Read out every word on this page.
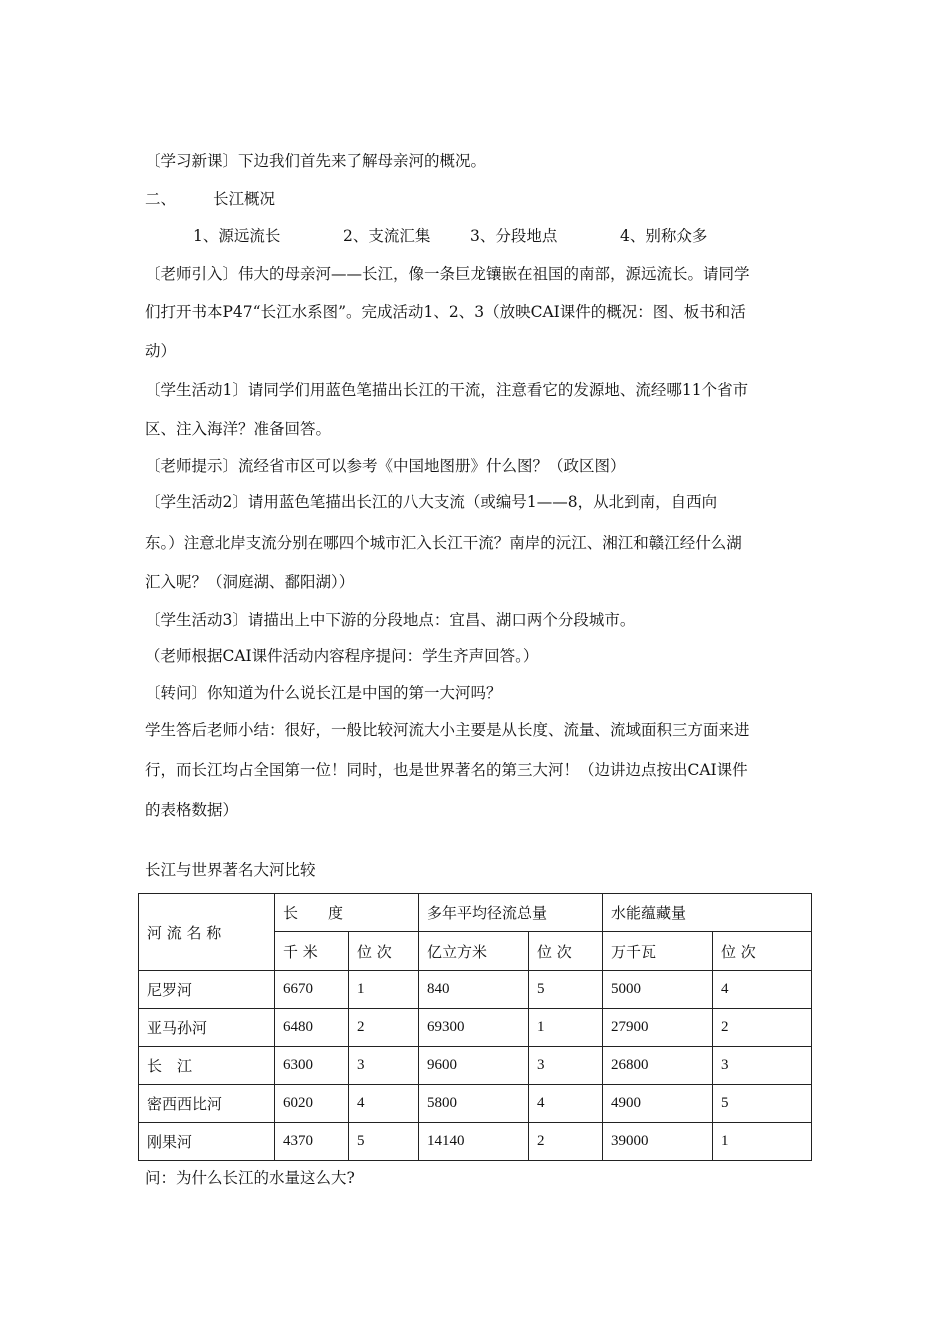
〔学习新课〕下边我们首先来了解母亲河的概况。
二、 长江概况
1、源远流长	2、支流汇集	3、分段地点	4、别称众多
〔老师引入〕伟大的母亲河——长江，像一条巨龙镶嵌在祖国的南部，源远流长。请同学
们打开书本P47“长江水系图”。完成活动1、2、3（放映CAI课件的概况：图、板书和活
动）
〔学生活动1〕请同学们用蓝色笔描出长江的干流，注意看它的发源地、流经哪11个省市
区、注入海洋？准备回答。
〔老师提示〕流经省市区可以参考《中国地图册》什么图？（政区图）
〔学生活动2〕请用蓝色笔描出长江的八大支流（或编号1——8，从北到南，自西向
东。）注意北岸支流分别在哪四个城市汇入长江干流？南岸的沅江、湘江和赣江经什么湖
汇入呢？（洞庭湖、鄱阳湖））
〔学生活动3〕请描出上中下游的分段地点：宜昌、湖口两个分段城市。
（老师根据CAI课件活动内容程序提问：学生齐声回答。）
〔转问〕你知道为什么说长江是中国的第一大河吗？
学生答后老师小结：很好，一般比较河流大小主要是从长度、流量、流域面积三方面来进
行，而长江均占全国第一位！同时，也是世界著名的第三大河！（边讲边点按出CAI课件
的表格数据）
长江与世界著名大河比较
河 流 名 称	长　　度		多年平均径流总量		水能蕴藏量	
	千 米	位 次	亿立方米	位 次	万千瓦	位 次
尼罗河	6670	1	840	5	5000	4
亚马孙河	6480	2	69300	1	27900	2
长　江	6300	3	9600	3	26800	3
密西西比河	6020	4	5800	4	4900	5
刚果河	4370	5	14140	2	39000	1
问：为什么长江的水量这么大?
